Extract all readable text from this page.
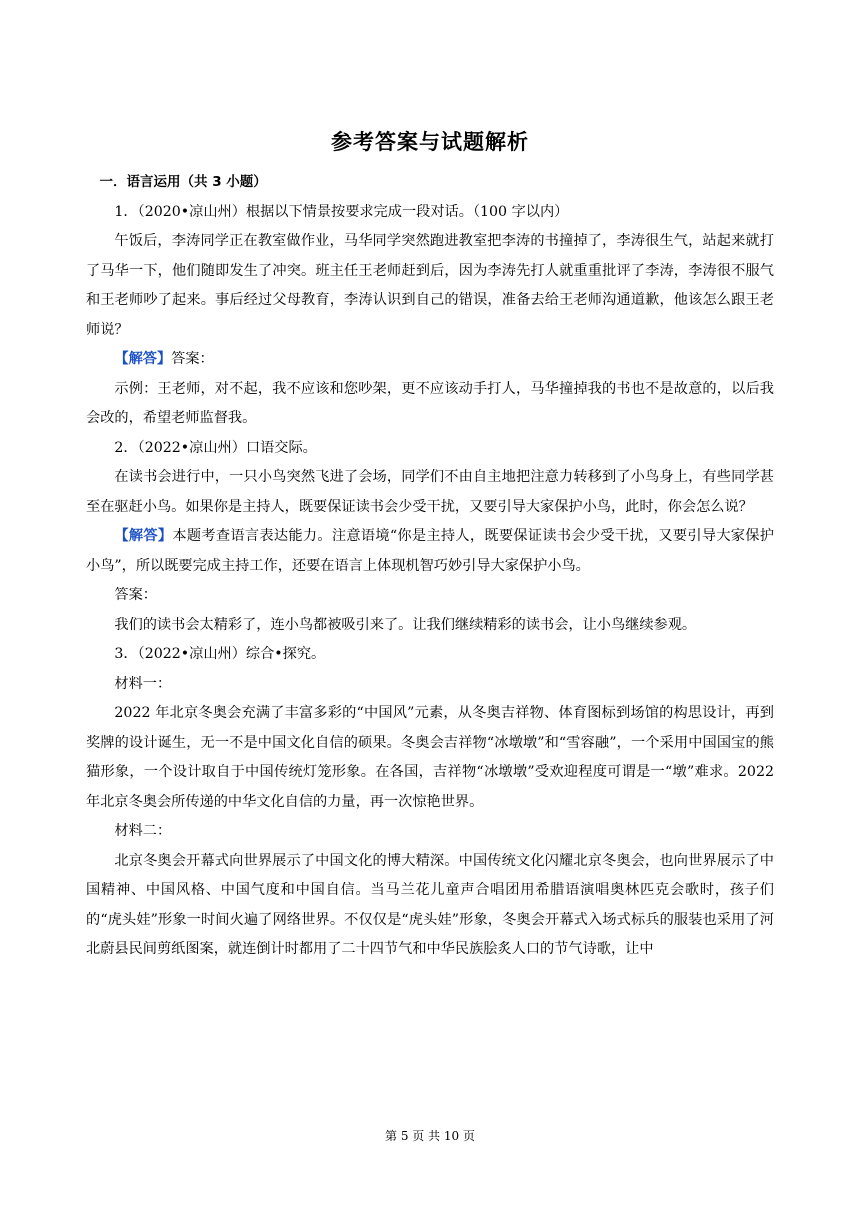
参考答案与试题解析

一．语言运用（共 3 小题）

1．（2020•凉山州）根据以下情景按要求完成一段对话。（100 字以内）

午饭后，李涛同学正在教室做作业，马华同学突然跑进教室把李涛的书撞掉了，李涛很生气，站起来就打了马华一下，他们随即发生了冲突。班主任王老师赶到后，因为李涛先打人就重重批评了李涛，李涛很不服气和王老师吵了起来。事后经过父母教育，李涛认识到自己的错误，准备去给王老师沟通道歉，他该怎么跟王老师说？

【解答】答案：

示例：王老师，对不起，我不应该和您吵架，更不应该动手打人，马华撞掉我的书也不是故意的，以后我会改的，希望老师监督我。

2．（2022•凉山州）口语交际。

在读书会进行中，一只小鸟突然飞进了会场，同学们不由自主地把注意力转移到了小鸟身上，有些同学甚至在驱赶小鸟。如果你是主持人，既要保证读书会少受干扰，又要引导大家保护小鸟，此时，你会怎么说？

【解答】本题考查语言表达能力。注意语境“你是主持人，既要保证读书会少受干扰，又要引导大家保护小鸟”，所以既要完成主持工作，还要在语言上体现机智巧妙引导大家保护小鸟。

答案：

我们的读书会太精彩了，连小鸟都被吸引来了。让我们继续精彩的读书会，让小鸟继续参观。

3．（2022•凉山州）综合•探究。

材料一：

2022 年北京冬奥会充满了丰富多彩的“中国风”元素，从冬奥吉祥物、体育图标到场馆的构思设计，再到奖牌的设计诞生，无一不是中国文化自信的硕果。冬奥会吉祥物“冰墩墩”和“雪容融”，一个采用中国国宝的熊猫形象，一个设计取自于中国传统灯笼形象。在各国，吉祥物“冰墩墩”受欢迎程度可谓是一“墩”难求。2022 年北京冬奥会所传递的中华文化自信的力量，再一次惊艳世界。

材料二：

北京冬奥会开幕式向世界展示了中国文化的博大精深。中国传统文化闪耀北京冬奥会，也向世界展示了中国精神、中国风格、中国气度和中国自信。当马兰花儿童声合唱团用希腊语演唱奥林匹克会歌时，孩子们的“虎头娃”形象一时间火遍了网络世界。不仅仅是“虎头娃”形象，冬奥会开幕式入场式标兵的服装也采用了河北蔚县民间剪纸图案，就连倒计时都用了二十四节气和中华民族脍炙人口的节气诗歌，让中

第 5 页 共 10 页
